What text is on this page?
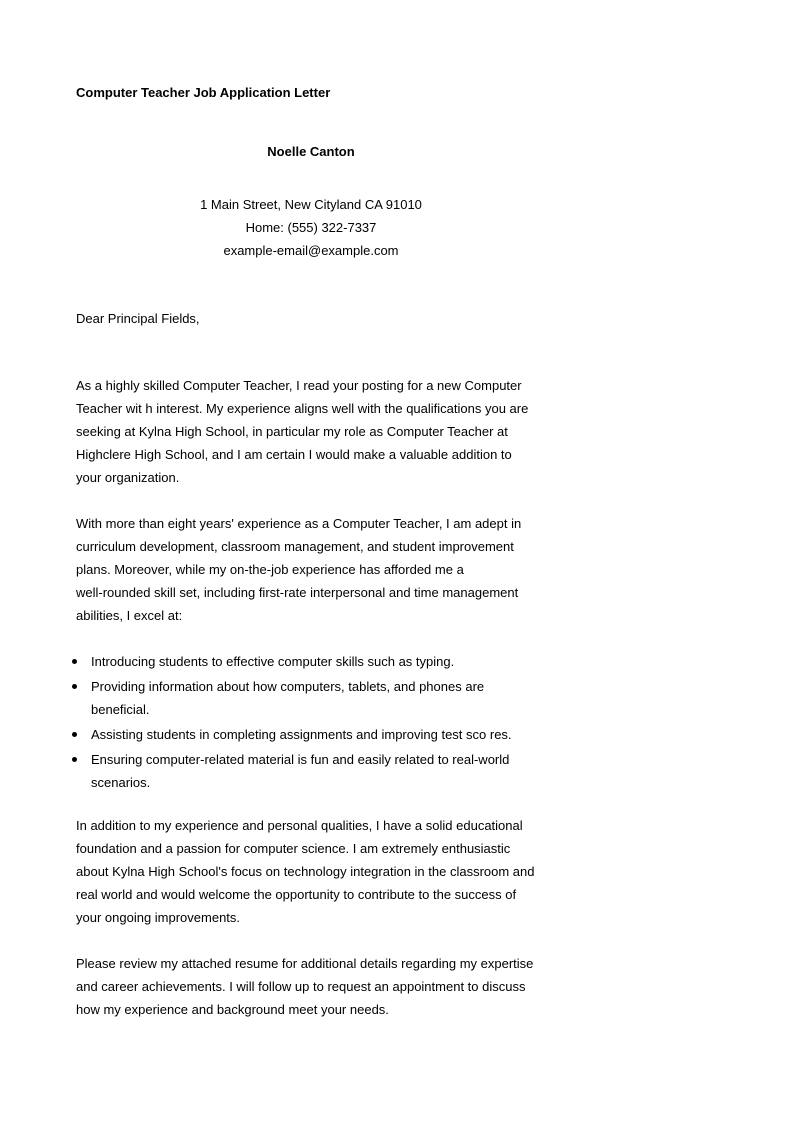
Computer Teacher Job Application Letter
Noelle Canton
1 Main Street, New Cityland CA 91010
Home: (555) 322-7337
example-email@example.com
Dear Principal Fields,
As a highly skilled Computer Teacher, I read your posting for a new Computer
Teacher wit h interest. My experience aligns well with the qualifications you are
seeking at Kylna High School, in particular my role as Computer Teacher at
Highclere High School, and I am certain I would make a valuable addition to
your organization.
With more than eight years' experience as a Computer Teacher, I am adept in
curriculum development, classroom management, and student improvement
plans. Moreover, while my on-the-job experience has afforded me a
well-rounded skill set, including first-rate interpersonal and time management
abilities, I excel at:
Introducing students to effective computer skills such as typing.
Providing information about how computers, tablets, and phones are
beneficial.
Assisting students in completing assignments and improving test sco res.
Ensuring computer-related material is fun and easily related to real-world
scenarios.
In addition to my experience and personal qualities, I have a solid educational
foundation and a passion for computer science. I am extremely enthusiastic
about Kylna High School's focus on technology integration in the classroom and
real world and would welcome the opportunity to contribute to the success of
your ongoing improvements.
Please review my attached resume for additional details regarding my expertise
and career achievements. I will follow up to request an appointment to discuss
how my experience and background meet your needs.
